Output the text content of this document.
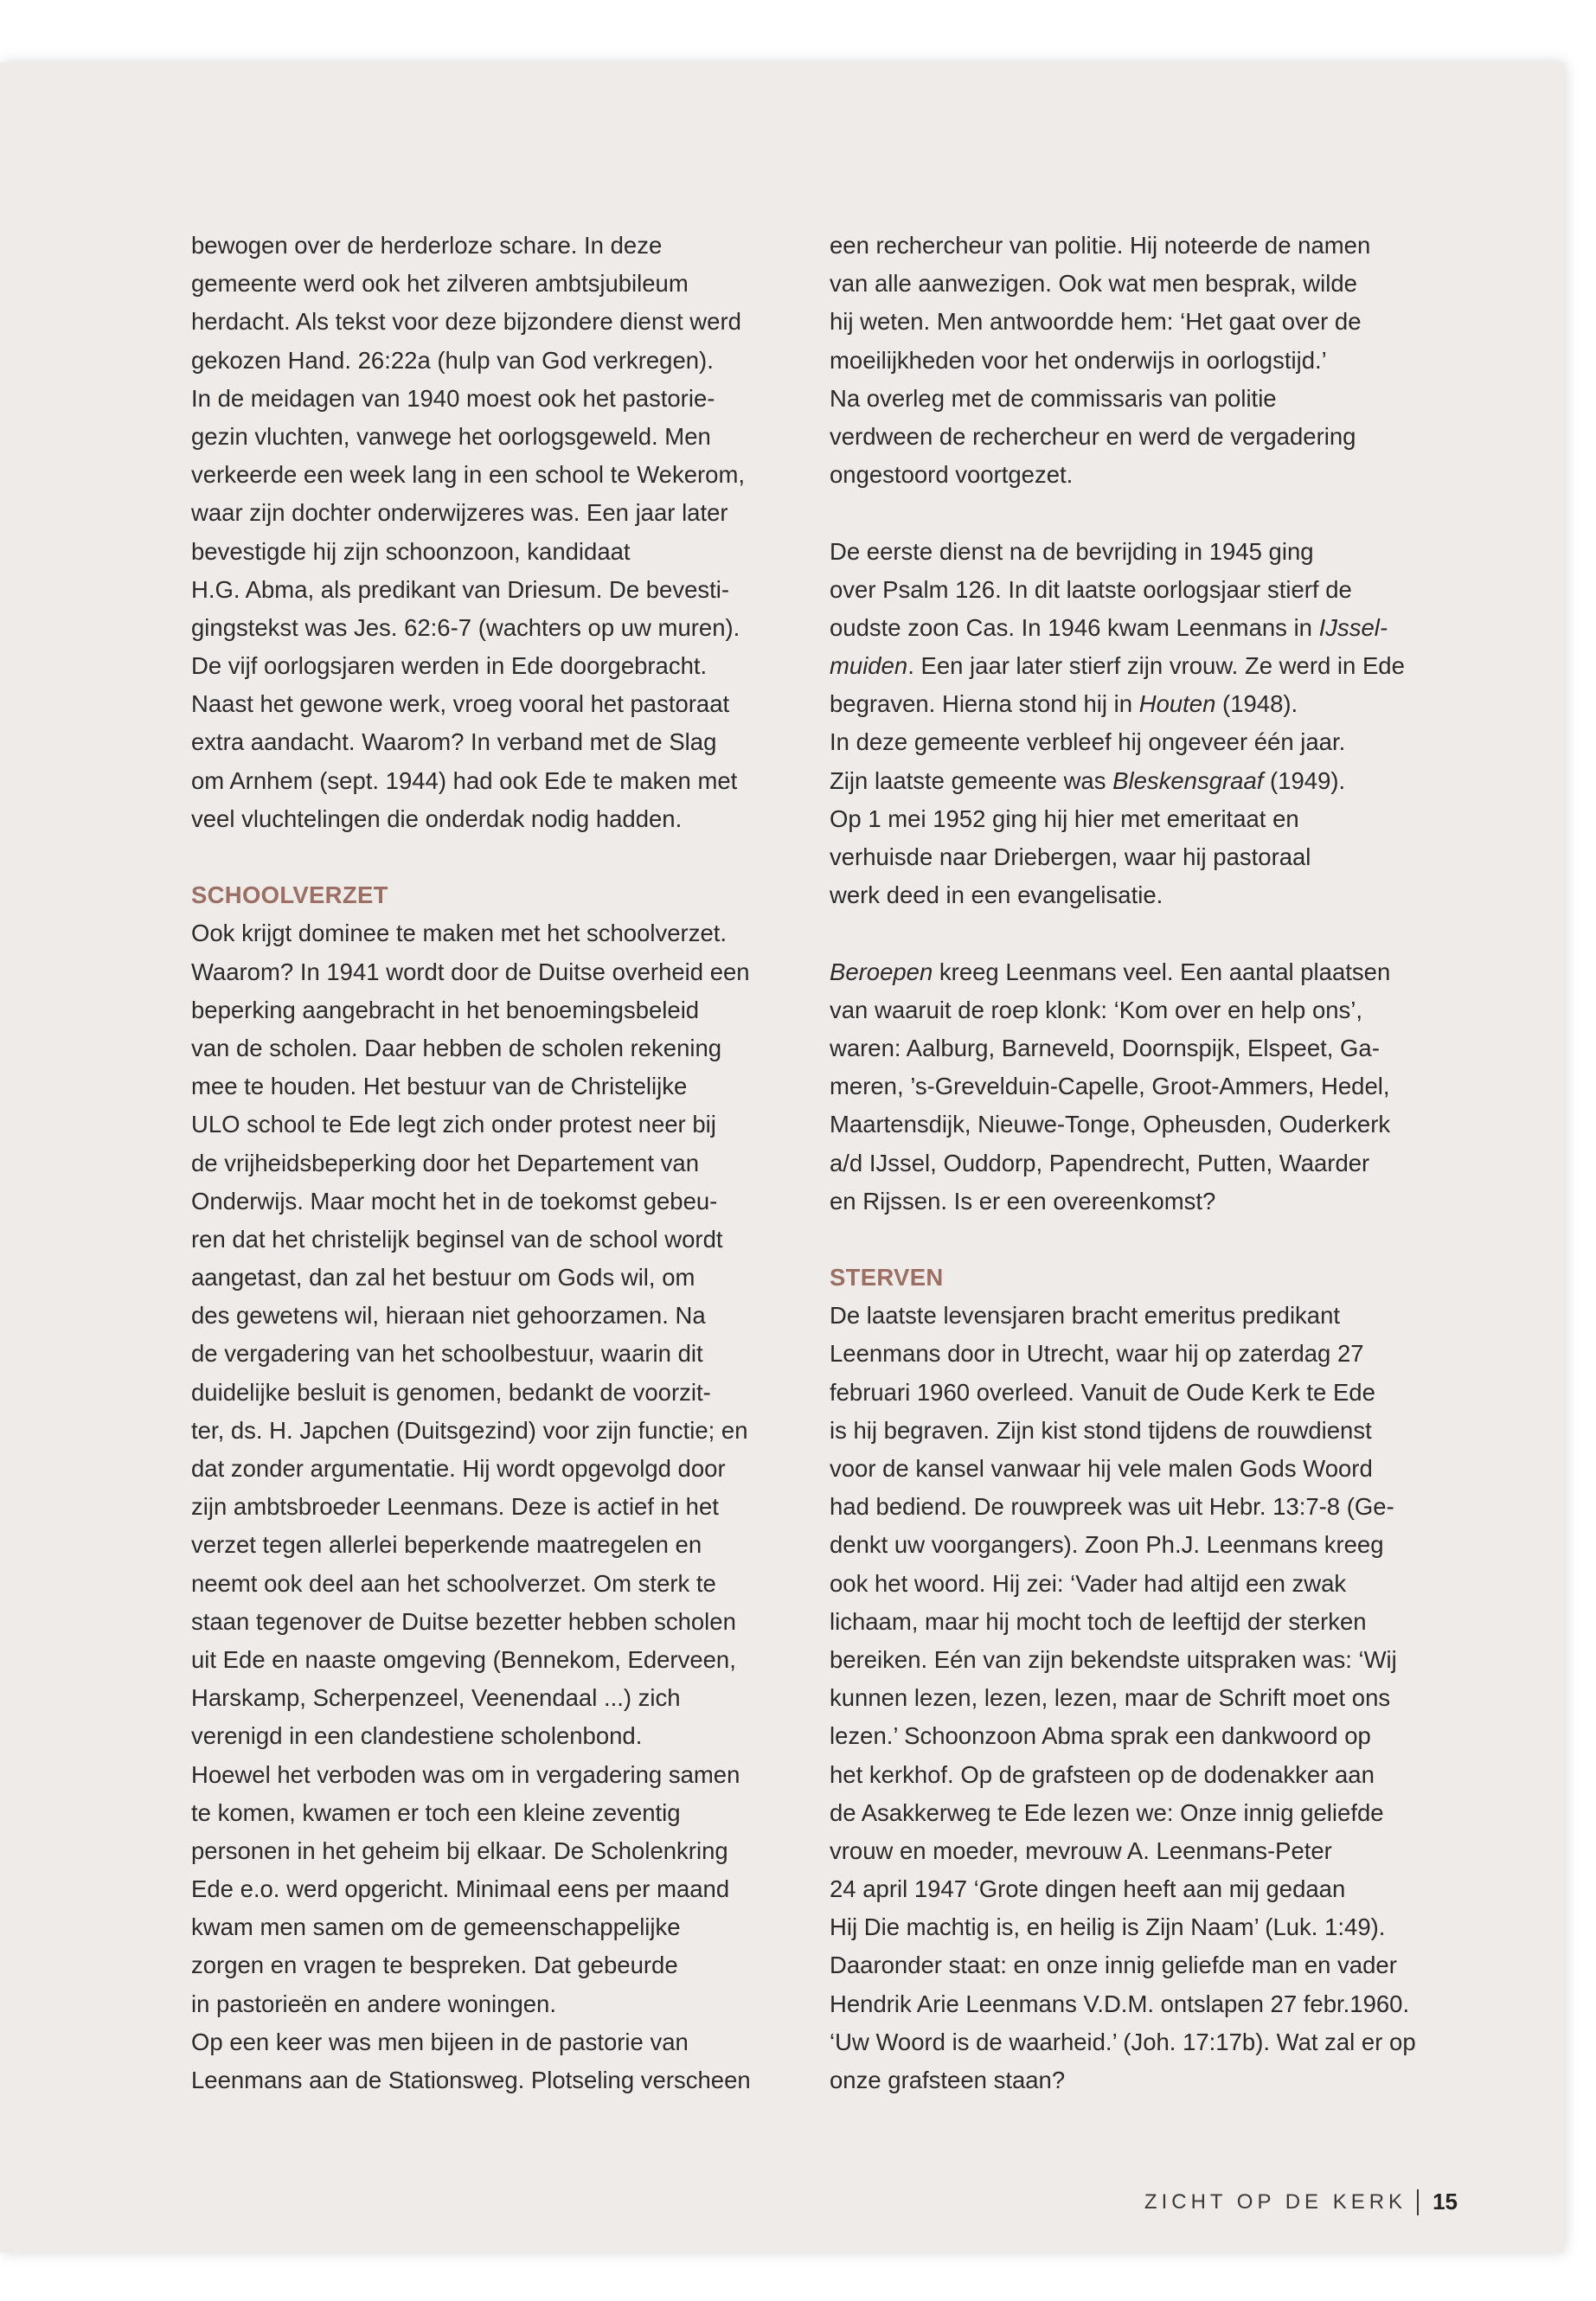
bewogen over de herderloze schare. In deze
gemeente werd ook het zilveren ambtsjubileum
herdacht. Als tekst voor deze bijzondere dienst werd
gekozen Hand. 26:22a (hulp van God verkregen).
In de meidagen van 1940 moest ook het pastorie-
gezin vluchten, vanwege het oorlogsgeweld. Men
verkeerde een week lang in een school te Wekerom,
waar zijn dochter onderwijzeres was. Een jaar later
bevestigde hij zijn schoonzoon, kandidaat
H.G. Abma, als predikant van Driesum. De bevesti-
gingstekst was Jes. 62:6-7 (wachters op uw muren).
De vijf oorlogsjaren werden in Ede doorgebracht.
Naast het gewone werk, vroeg vooral het pastoraat
extra aandacht. Waarom? In verband met de Slag
om Arnhem (sept. 1944) had ook Ede te maken met
veel vluchtelingen die onderdak nodig hadden.
SCHOOLVERZET
Ook krijgt dominee te maken met het schoolverzet.
Waarom? In 1941 wordt door de Duitse overheid een
beperking aangebracht in het benoemingsbeleid
van de scholen. Daar hebben de scholen rekening
mee te houden. Het bestuur van de Christelijke
ULO school te Ede legt zich onder protest neer bij
de vrijheidsbeperking door het Departement van
Onderwijs. Maar mocht het in de toekomst gebeu-
ren dat het christelijk beginsel van de school wordt
aangetast, dan zal het bestuur om Gods wil, om
des gewetens wil, hieraan niet gehoorzamen. Na
de vergadering van het schoolbestuur, waarin dit
duidelijke besluit is genomen, bedankt de voorzit-
ter, ds. H. Japchen (Duitsgezind) voor zijn functie; en
dat zonder argumentatie. Hij wordt opgevolgd door
zijn ambtsbroeder Leenmans. Deze is actief in het
verzet tegen allerlei beperkende maatregelen en
neemt ook deel aan het schoolverzet. Om sterk te
staan tegenover de Duitse bezetter hebben scholen
uit Ede en naaste omgeving (Bennekom, Ederveen,
Harskamp, Scherpenzeel, Veenendaal ...) zich
verenigd in een clandestiene scholenbond.
Hoewel het verboden was om in vergadering samen
te komen, kwamen er toch een kleine zeventig
personen in het geheim bij elkaar. De Scholenkring
Ede e.o. werd opgericht. Minimaal eens per maand
kwam men samen om de gemeenschappelijke
zorgen en vragen te bespreken. Dat gebeurde
in pastorieën en andere woningen.
Op een keer was men bijeen in de pastorie van
Leenmans aan de Stationsweg. Plotseling verscheen
een rechercheur van politie. Hij noteerde de namen
van alle aanwezigen. Ook wat men besprak, wilde
hij weten. Men antwoordde hem: ‘Het gaat over de
moeilijkheden voor het onderwijs in oorlogstijd.’
Na overleg met de commissaris van politie
verdween de rechercheur en werd de vergadering
ongestoord voortgezet.
De eerste dienst na de bevrijding in 1945 ging
over Psalm 126. In dit laatste oorlogsjaar stierf de
oudste zoon Cas. In 1946 kwam Leenmans in IJssel-
muiden. Een jaar later stierf zijn vrouw. Ze werd in Ede
begraven. Hierna stond hij in Houten (1948).
In deze gemeente verbleef hij ongeveer één jaar.
Zijn laatste gemeente was Bleskensgraaf (1949).
Op 1 mei 1952 ging hij hier met emeritaat en
verhuisde naar Driebergen, waar hij pastoraal
werk deed in een evangelisatie.
Beroepen kreeg Leenmans veel. Een aantal plaatsen
van waaruit de roep klonk: ‘Kom over en help ons’,
waren: Aalburg, Barneveld, Doornspijk, Elspeet, Ga-
meren, ’s-Grevelduin-Capelle, Groot-Ammers, Hedel,
Maartensdijk, Nieuwe-Tonge, Opheusden, Ouderkerk
a/d IJssel, Ouddorp, Papendrecht, Putten, Waarder
en Rijssen. Is er een overeenkomst?
STERVEN
De laatste levensjaren bracht emeritus predikant
Leenmans door in Utrecht, waar hij op zaterdag 27
februari 1960 overleed. Vanuit de Oude Kerk te Ede
is hij begraven. Zijn kist stond tijdens de rouwdienst
voor de kansel vanwaar hij vele malen Gods Woord
had bediend. De rouwpreek was uit Hebr. 13:7-8 (Ge-
denkt uw voorgangers). Zoon Ph.J. Leenmans kreeg
ook het woord. Hij zei: ‘Vader had altijd een zwak
lichaam, maar hij mocht toch de leeftijd der sterken
bereiken. Eén van zijn bekendste uitspraken was: ‘Wij
kunnen lezen, lezen, lezen, maar de Schrift moet ons
lezen.’ Schoonzoon Abma sprak een dankwoord op
het kerkhof. Op de grafsteen op de dodenakker aan
de Asakkerweg te Ede lezen we: Onze innig geliefde
vrouw en moeder, mevrouw A. Leenmans-Peter
24 april 1947 ‘Grote dingen heeft aan mij gedaan
Hij Die machtig is, en heilig is Zijn Naam’ (Luk. 1:49).
Daaronder staat: en onze innig geliefde man en vader
Hendrik Arie Leenmans V.D.M. ontslapen 27 febr.1960.
‘Uw Woord is de waarheid.’ (Joh. 17:17b). Wat zal er op
onze grafsteen staan?
ZICHT OP DE KERK 15
